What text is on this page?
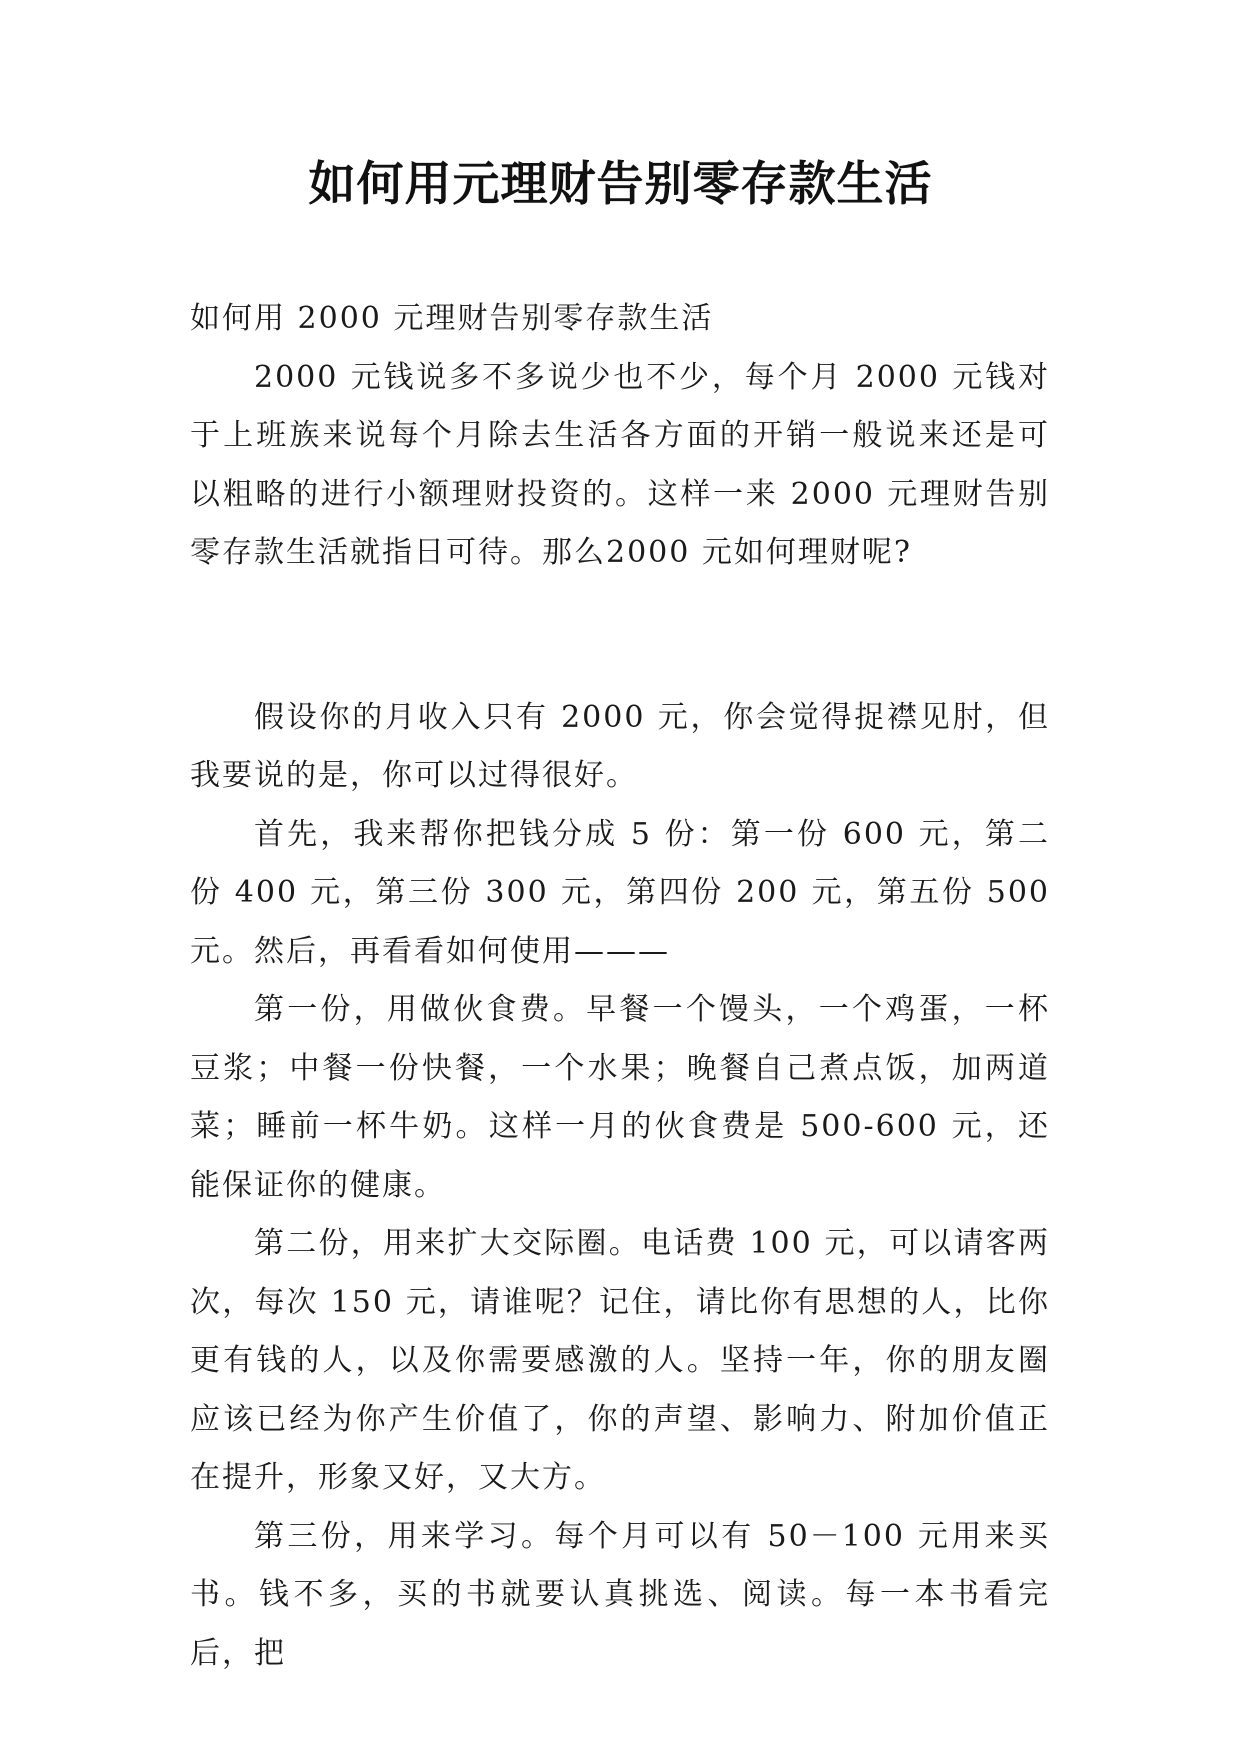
如何用元理财告别零存款生活

如何用 2000 元理财告别零存款生活

2000 元钱说多不多说少也不少，每个月 2000 元钱对于上班族来说每个月除去生活各方面的开销一般说来还是可以粗略的进行小额理财投资的。这样一来 2000 元理财告别零存款生活就指日可待。那么2000 元如何理财呢?

假设你的月收入只有 2000 元，你会觉得捉襟见肘，但我要说的是，你可以过得很好。

首先，我来帮你把钱分成 5 份：第一份 600 元，第二份 400 元，第三份 300 元，第四份 200 元，第五份 500 元。然后，再看看如何使用———

第一份，用做伙食费。早餐一个馒头，一个鸡蛋，一杯豆浆；中餐一份快餐，一个水果；晚餐自己煮点饭，加两道菜；睡前一杯牛奶。这样一月的伙食费是 500-600 元，还能保证你的健康。

第二份，用来扩大交际圈。电话费 100 元，可以请客两次，每次 150 元，请谁呢？记住，请比你有思想的人，比你更有钱的人，以及你需要感激的人。坚持一年，你的朋友圈应该已经为你产生价值了，你的声望、影响力、附加价值正在提升，形象又好，又大方。

第三份，用来学习。每个月可以有 50－100 元用来买书。钱不多，买的书就要认真挑选、阅读。每一本书看完后，把
